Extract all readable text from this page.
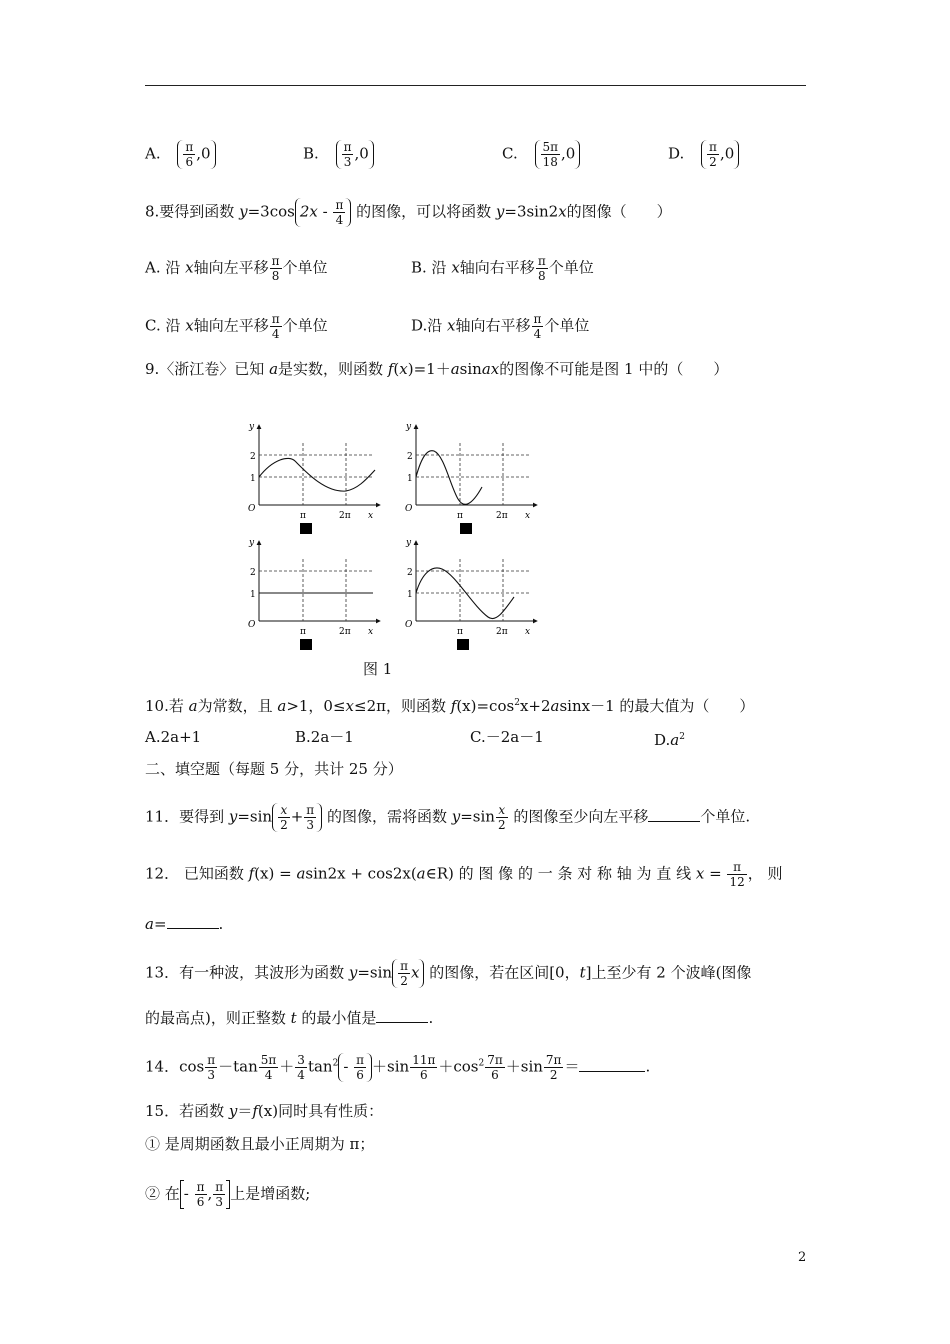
A. $\frac{\pi}{6} ,0$	B. $\frac{\pi}{3} ,0$	C. $\frac{5\pi}{18} ,0$	D. $\frac{\pi}{2} ,0$
8.要得到函数 y=3cos $2x - \frac{\pi}{4}$ 的图像，可以将函数 y=3sin2x的图像（　　）
A. 沿 x轴向左平移 $\frac{\pi}{8}$ 个单位	B. 沿 x轴向右平移 $\frac{\pi}{8}$ 个单位
C. 沿 x轴向左平移 $\frac{\pi}{4}$ 个单位	D.沿 x轴向右平移 $\frac{\pi}{4}$ 个单位
9.〈浙江卷〉已知 a是实数，则函数 f(x)=1＋asinax的图像不可能是图 1 中的（　　）
y
2
1
O
π	2π x
y
2
1
O
π	2π x
y
2
1
O
π	2π x
y
2
1
O
π	2π x
图 1
10.若 a为常数，且 a>1，0≤x≤2π，则函数 $f(x)=\cos^2x+2asinx-1$ 的最大值为（　　）
A.2a+1	B.2a－1	C.－2a－1	$D.a^2$
二、填空题（每题 5 分，共计 25 分）
11．要得到 $y=\sin \frac{x}{2} + \frac{\pi}{3}$ 的图像，需将函数 $y=\sin \frac{x}{2}$ 的图像至少向左平移	个单位.
12． 已知函数 f(x) = asin2x + cos2x(a∈R) 的 图 像 的 一 条 对 称 轴 为 直 线 $x = \frac{\pi}{12}$ ， 则
a=	.
13．有一种波，其波形为函数 $y=\sin \frac{\pi}{2}$ x 的图像，若在区间[0，t]上至少有 2 个波峰(图像
的最高点)，则正整数 t 的最小值是	.
14．$\cos \frac{\pi}{3} -\tan \frac{5\pi}{4} + \frac{3}{4} \tan^2 - \frac{\pi}{6} +\sin \frac{11\pi}{6} +\cos^2 \frac{7\pi}{6} +\sin \frac{7\pi}{2}$ ＝	.
15．若函数 y＝f(x)同时具有性质：
① 是周期函数且最小正周期为 π；
② 在 - $\frac{\pi}{6}$ , $\frac{\pi}{3}$ 上是增函数;
2
